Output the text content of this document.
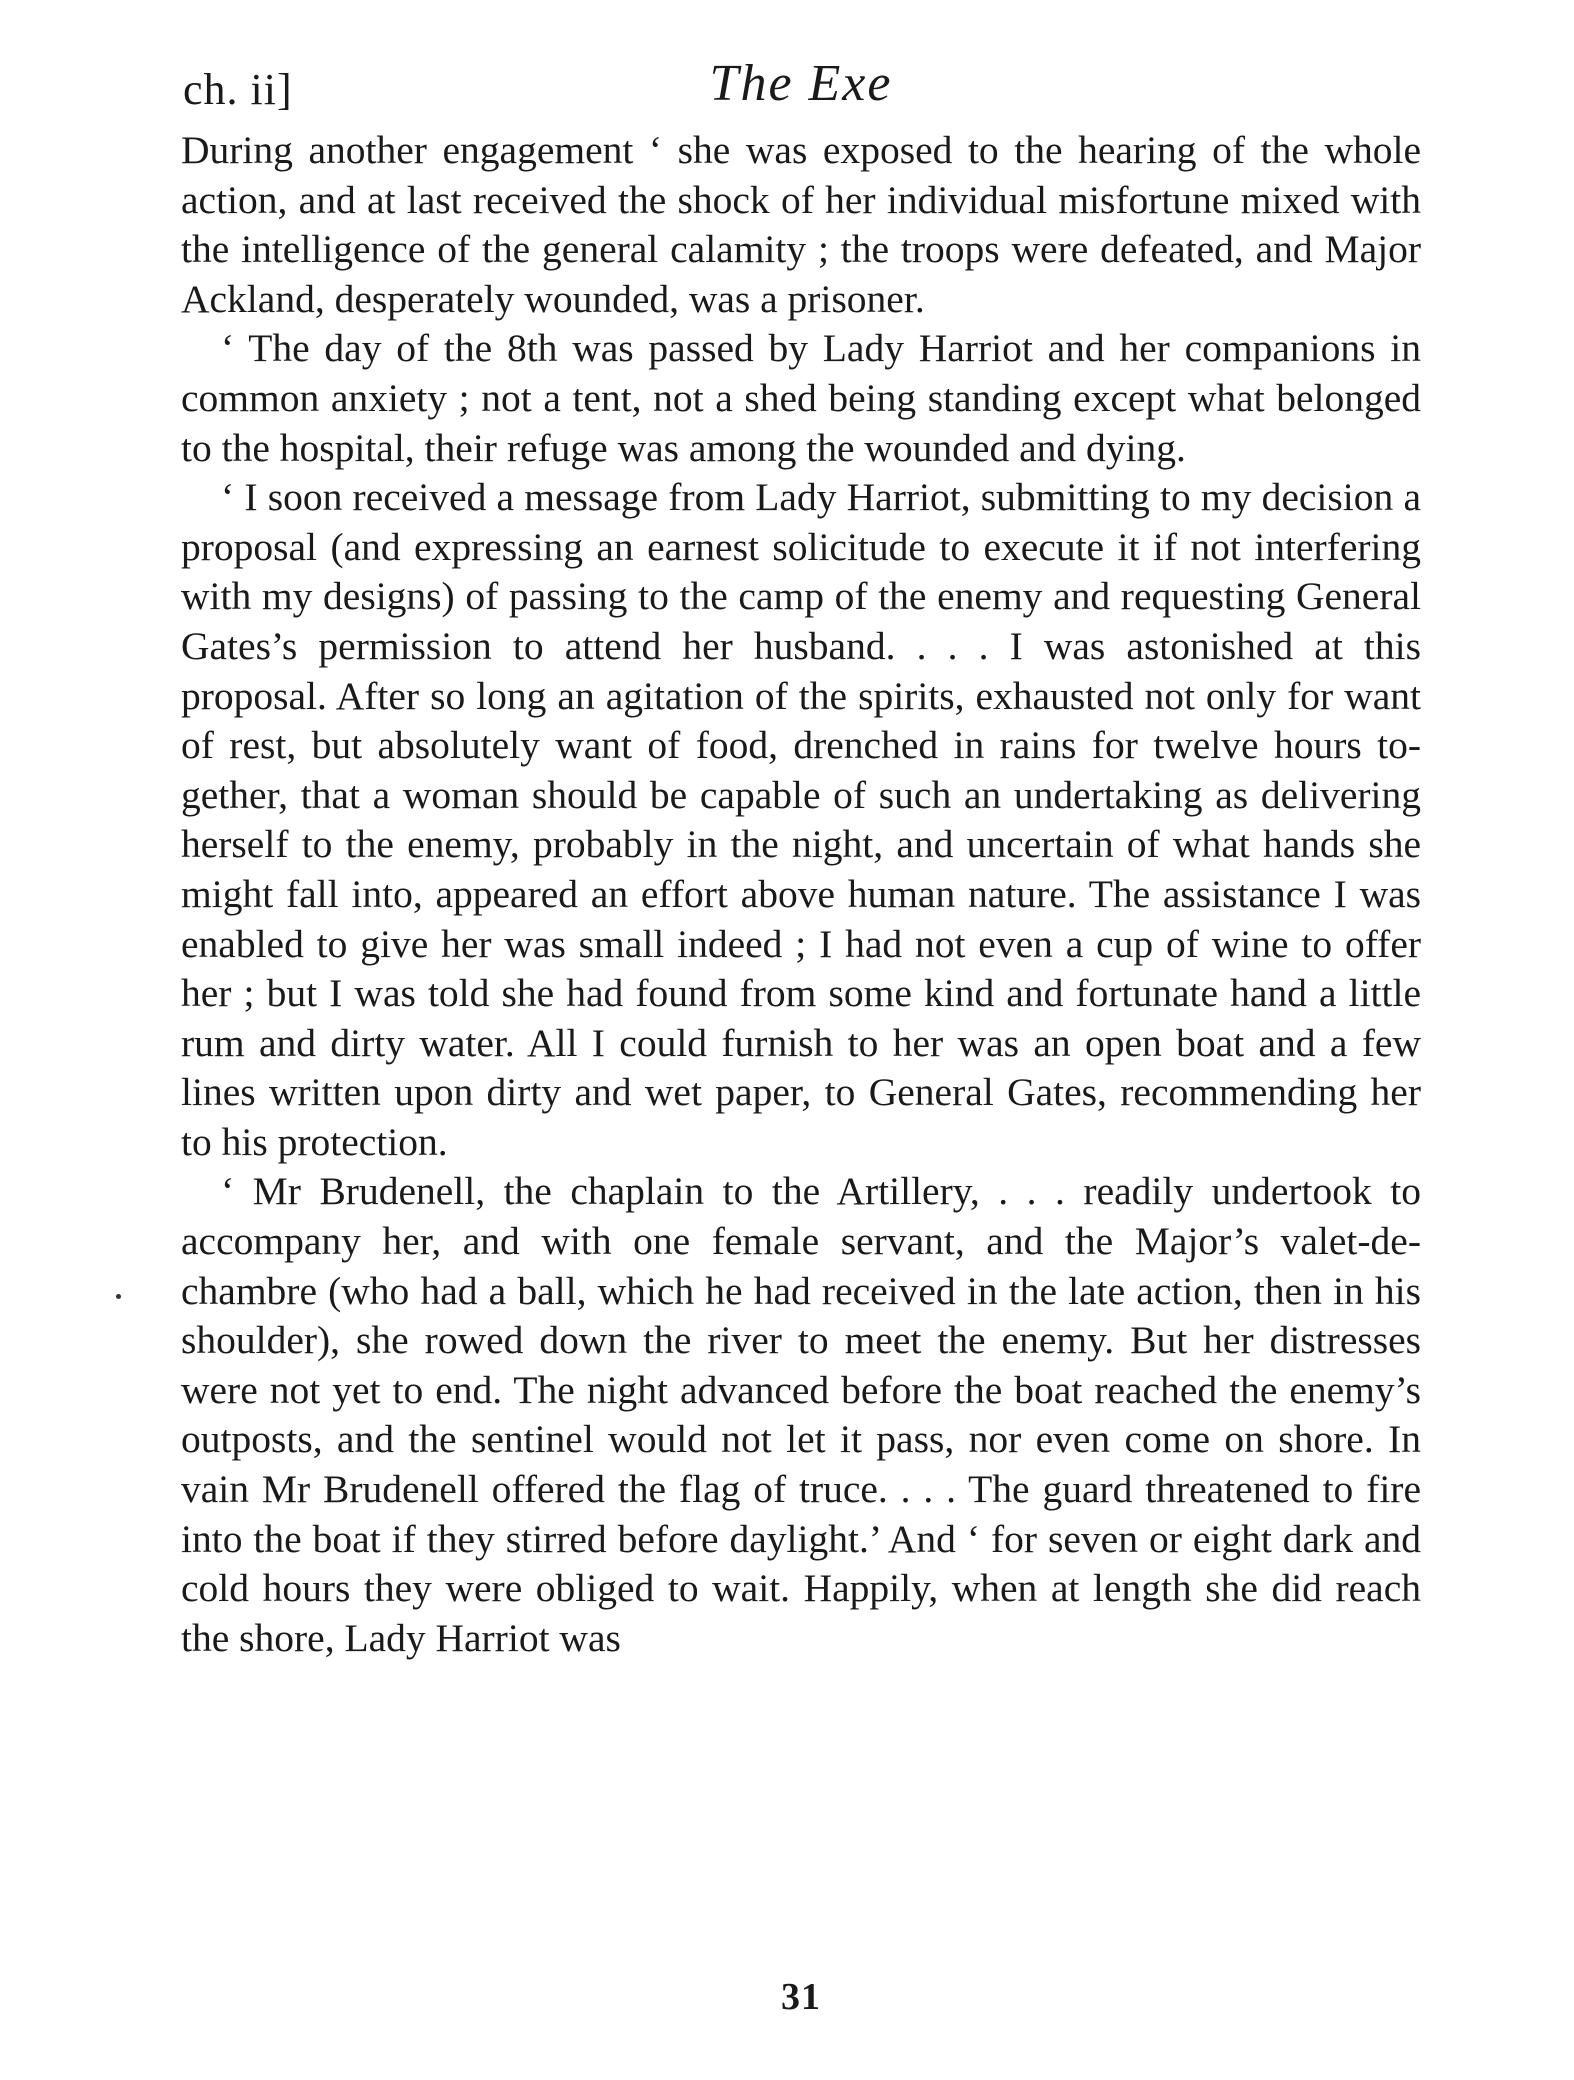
ch. ii]	The Exe

During another engagement ‘ she was exposed to the hearing of the whole action, and at last received the shock of her individual misfortune mixed with the intelligence of the general calamity ; the troops were defeated, and Major Ackland, desperately wounded, was a prisoner.

‘ The day of the 8th was passed by Lady Harriot and her companions in common anxiety ; not a tent, not a shed being standing except what belonged to the hospital, their refuge was among the wounded and dying.

‘ I soon received a message from Lady Harriot, submitting to my decision a proposal (and expressing an earnest solicitude to execute it if not interfering with my designs) of passing to the camp of the enemy and requesting General Gates’s permission to attend her husband. . . . I was astonished at this proposal. After so long an agitation of the spirits, exhausted not only for want of rest, but absolutely want of food, drenched in rains for twelve hours together, that a woman should be capable of such an undertaking as delivering herself to the enemy, probably in the night, and uncertain of what hands she might fall into, appeared an effort above human nature. The assistance I was enabled to give her was small indeed ; I had not even a cup of wine to offer her ; but I was told she had found from some kind and fortunate hand a little rum and dirty water. All I could furnish to her was an open boat and a few lines written upon dirty and wet paper, to General Gates, recommending her to his protection.

‘ Mr Brudenell, the chaplain to the Artillery, . . . readily undertook to accompany her, and with one female servant, and the Major’s valet-de-chambre (who had a ball, which he had received in the late action, then in his shoulder), she rowed down the river to meet the enemy. But her distresses were not yet to end. The night advanced before the boat reached the enemy’s outposts, and the sentinel would not let it pass, nor even come on shore. In vain Mr Brudenell offered the flag of truce. . . . The guard threatened to fire into the boat if they stirred before daylight.’ And ‘ for seven or eight dark and cold hours they were obliged to wait. Happily, when at length she did reach the shore, Lady Harriot was

31
